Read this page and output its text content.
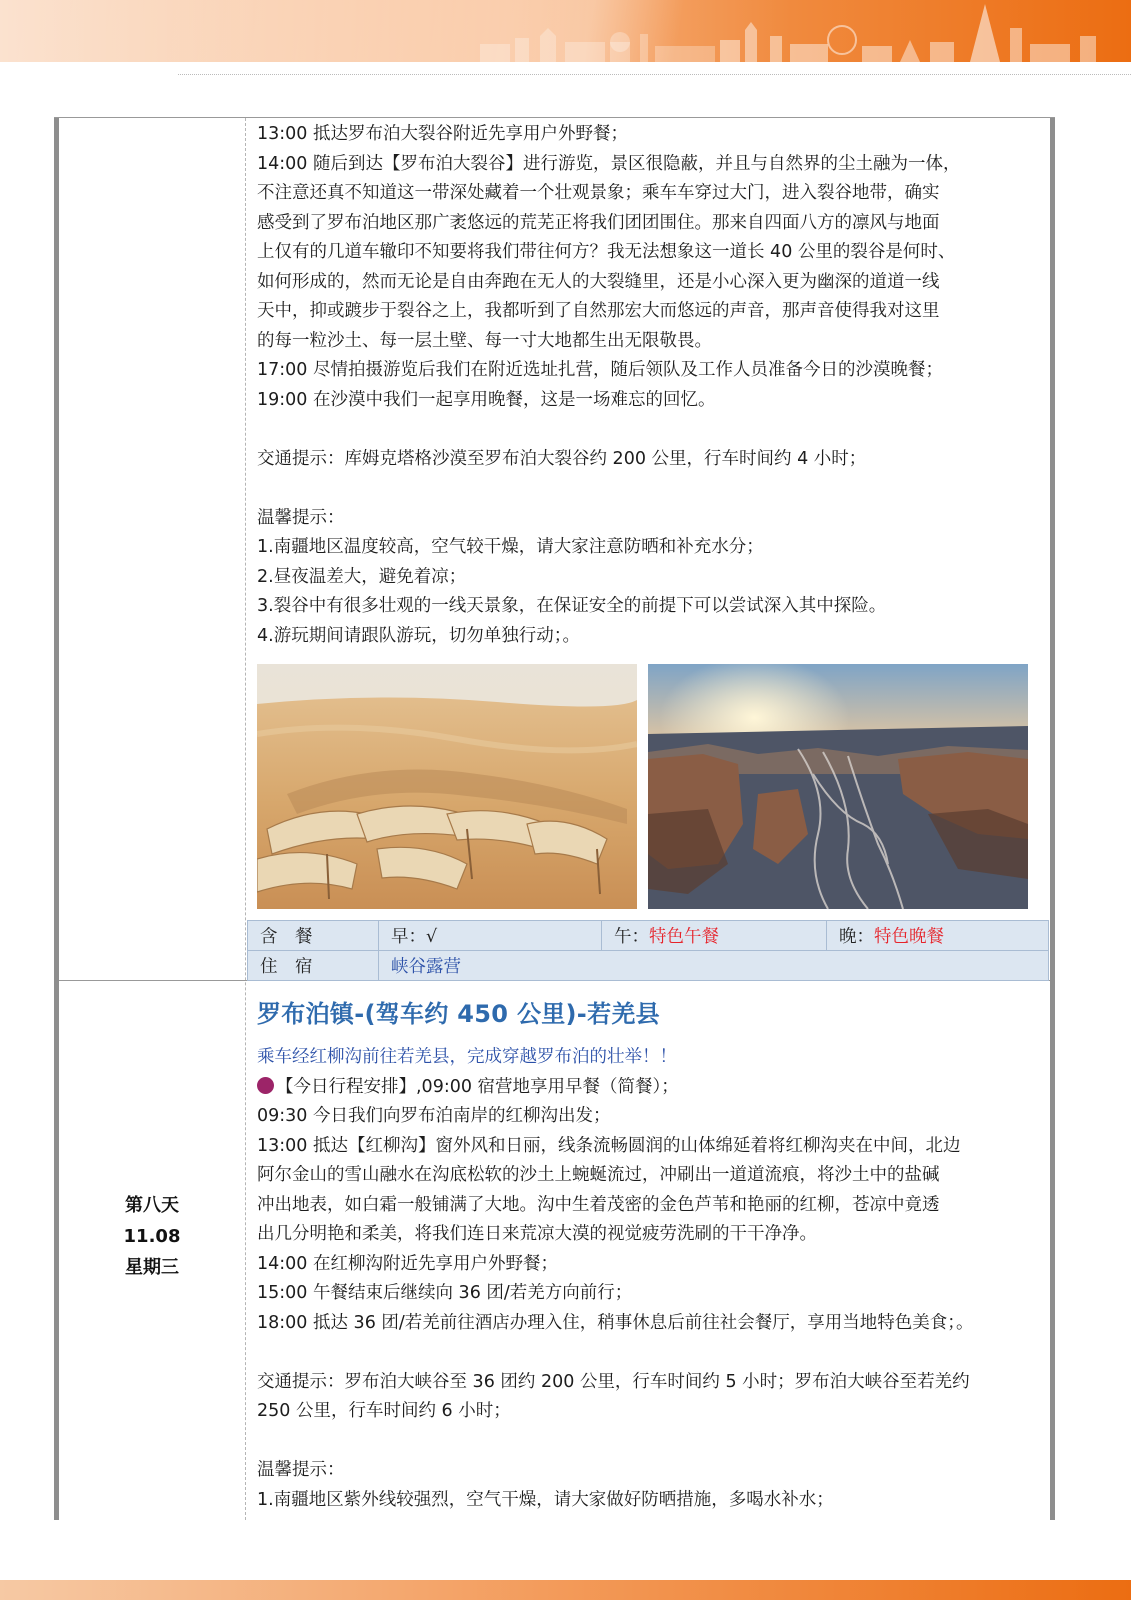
13:00 抵达罗布泊大裂谷附近先享用户外野餐；

14:00 随后到达【罗布泊大裂谷】进行游览，景区很隐蔽，并且与自然界的尘土融为一体，

不注意还真不知道这一带深处藏着一个壮观景象；乘车车穿过大门，进入裂谷地带，确实

感受到了罗布泊地区那广袤悠远的荒芜正将我们团团围住。那来自四面八方的凛风与地面

上仅有的几道车辙印不知要将我们带往何方？我无法想象这一道长 40 公里的裂谷是何时、

如何形成的，然而无论是自由奔跑在无人的大裂缝里，还是小心深入更为幽深的道道一线

天中，抑或踱步于裂谷之上，我都听到了自然那宏大而悠远的声音，那声音使得我对这里

的每一粒沙土、每一层土壁、每一寸大地都生出无限敬畏。

17:00 尽情拍摄游览后我们在附近选址扎营，随后领队及工作人员准备今日的沙漠晚餐；

19:00 在沙漠中我们一起享用晚餐，这是一场难忘的回忆。

交通提示：库姆克塔格沙漠至罗布泊大裂谷约 200 公里，行车时间约 4 小时；

温馨提示：

1.南疆地区温度较高，空气较干燥，请大家注意防晒和补充水分；

2.昼夜温差大，避免着凉；

3.裂谷中有很多壮观的一线天景象，在保证安全的前提下可以尝试深入其中探险。

4.游玩期间请跟队游玩，切勿单独行动；。

含　餐	早：√	午：特色午餐	晚：特色晚餐
住　宿	峡谷露营		
第八天
11.08
星期三
罗布泊镇-(驾车约 450 公里)-若羌县

乘车经红柳沟前往若羌县，完成穿越罗布泊的壮举！！

【今日行程安排】,09:00 宿营地享用早餐（简餐）；

09:30 今日我们向罗布泊南岸的红柳沟出发；

13:00 抵达【红柳沟】窗外风和日丽，线条流畅圆润的山体绵延着将红柳沟夹在中间，北边

阿尔金山的雪山融水在沟底松软的沙土上蜿蜒流过，冲刷出一道道流痕，将沙土中的盐碱

冲出地表，如白霜一般铺满了大地。沟中生着茂密的金色芦苇和艳丽的红柳，苍凉中竟透

出几分明艳和柔美，将我们连日来荒凉大漠的视觉疲劳洗刷的干干净净。

14:00 在红柳沟附近先享用户外野餐；

15:00 午餐结束后继续向 36 团/若羌方向前行；

18:00 抵达 36 团/若羌前往酒店办理入住，稍事休息后前往社会餐厅，享用当地特色美食；。

交通提示：罗布泊大峡谷至 36 团约 200 公里，行车时间约 5 小时；罗布泊大峡谷至若羌约

250 公里，行车时间约 6 小时；

温馨提示：

1.南疆地区紫外线较强烈，空气干燥，请大家做好防晒措施，多喝水补水；
